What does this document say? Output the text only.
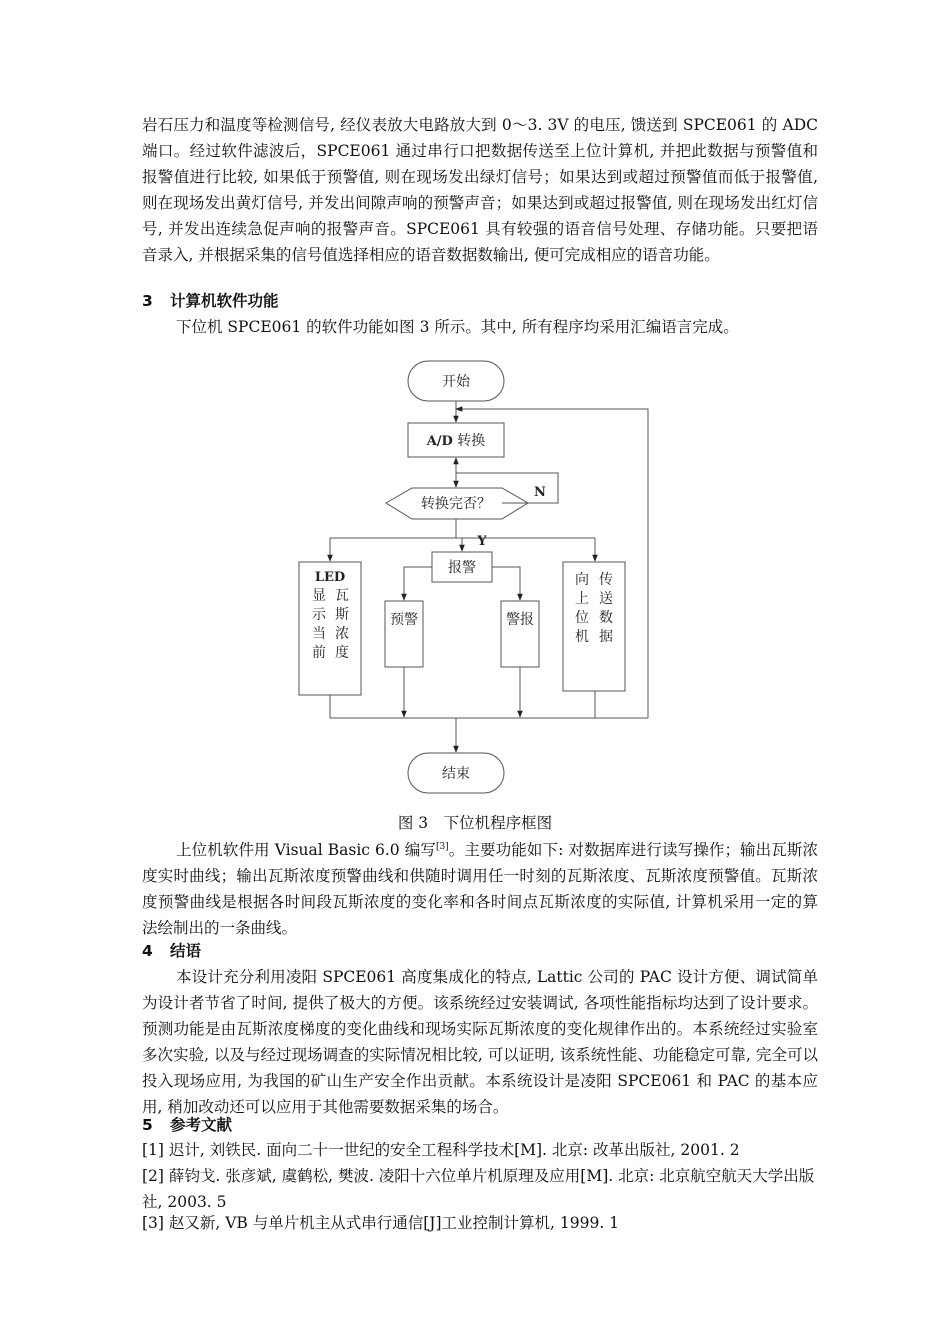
岩石压力和温度等检测信号, 经仪表放大电路放大到 0～3. 3V 的电压, 馈送到 SPCE061 的 ADC 端口。经过软件滤波后，SPCE061 通过串行口把数据传送至上位计算机, 并把此数据与预警值和报警值进行比较, 如果低于预警值, 则在现场发出绿灯信号；如果达到或超过预警值而低于报警值, 则在现场发出黄灯信号, 并发出间隙声响的预警声音；如果达到或超过报警值, 则在现场发出红灯信号, 并发出连续急促声响的报警声音。SPCE061 具有较强的语音信号处理、存储功能。只要把语音录入, 并根据采集的信号值选择相应的语音数据数输出, 便可完成相应的语音功能。

3 计算机软件功能

下位机 SPCE061 的软件功能如图 3 所示。其中, 所有程序均采用汇编语言完成。

开始
A/D 转换
转换完否？
N
Y
报警
LED
显
示
当
前
瓦
斯
浓
度
预警	警报
向
上
位
机
传
送
数
据
结束

图 3　下位机程序框图

上位机软件用 Visual Basic 6.0 编写[3]。主要功能如下: 对数据库进行读写操作；输出瓦斯浓度实时曲线；输出瓦斯浓度预警曲线和供随时调用任一时刻的瓦斯浓度、瓦斯浓度预警值。瓦斯浓度预警曲线是根据各时间段瓦斯浓度的变化率和各时间点瓦斯浓度的实际值, 计算机采用一定的算法绘制出的一条曲线。

4 结语

本设计充分利用凌阳 SPCE061 高度集成化的特点, Lattic 公司的 PAC 设计方便、调试简单为设计者节省了时间, 提供了极大的方便。该系统经过安装调试, 各项性能指标均达到了设计要求。预测功能是由瓦斯浓度梯度的变化曲线和现场实际瓦斯浓度的变化规律作出的。本系统经过实验室多次实验, 以及与经过现场调查的实际情况相比较, 可以证明, 该系统性能、功能稳定可靠, 完全可以投入现场应用, 为我国的矿山生产安全作出贡献。本系统设计是凌阳 SPCE061 和 PAC 的基本应用, 稍加改动还可以应用于其他需要数据采集的场合。

5 参考文献

[1] 迟计, 刘铁民. 面向二十一世纪的安全工程科学技术[M]. 北京: 改革出版社, 2001. 2

[2] 薛钧戈. 张彦斌, 虞鹤松, 樊波. 凌阳十六位单片机原理及应用[M]. 北京: 北京航空航天大学出版社, 2003. 5

[3] 赵又新, VB 与单片机主从式串行通信[J]工业控制计算机, 1999. 1
